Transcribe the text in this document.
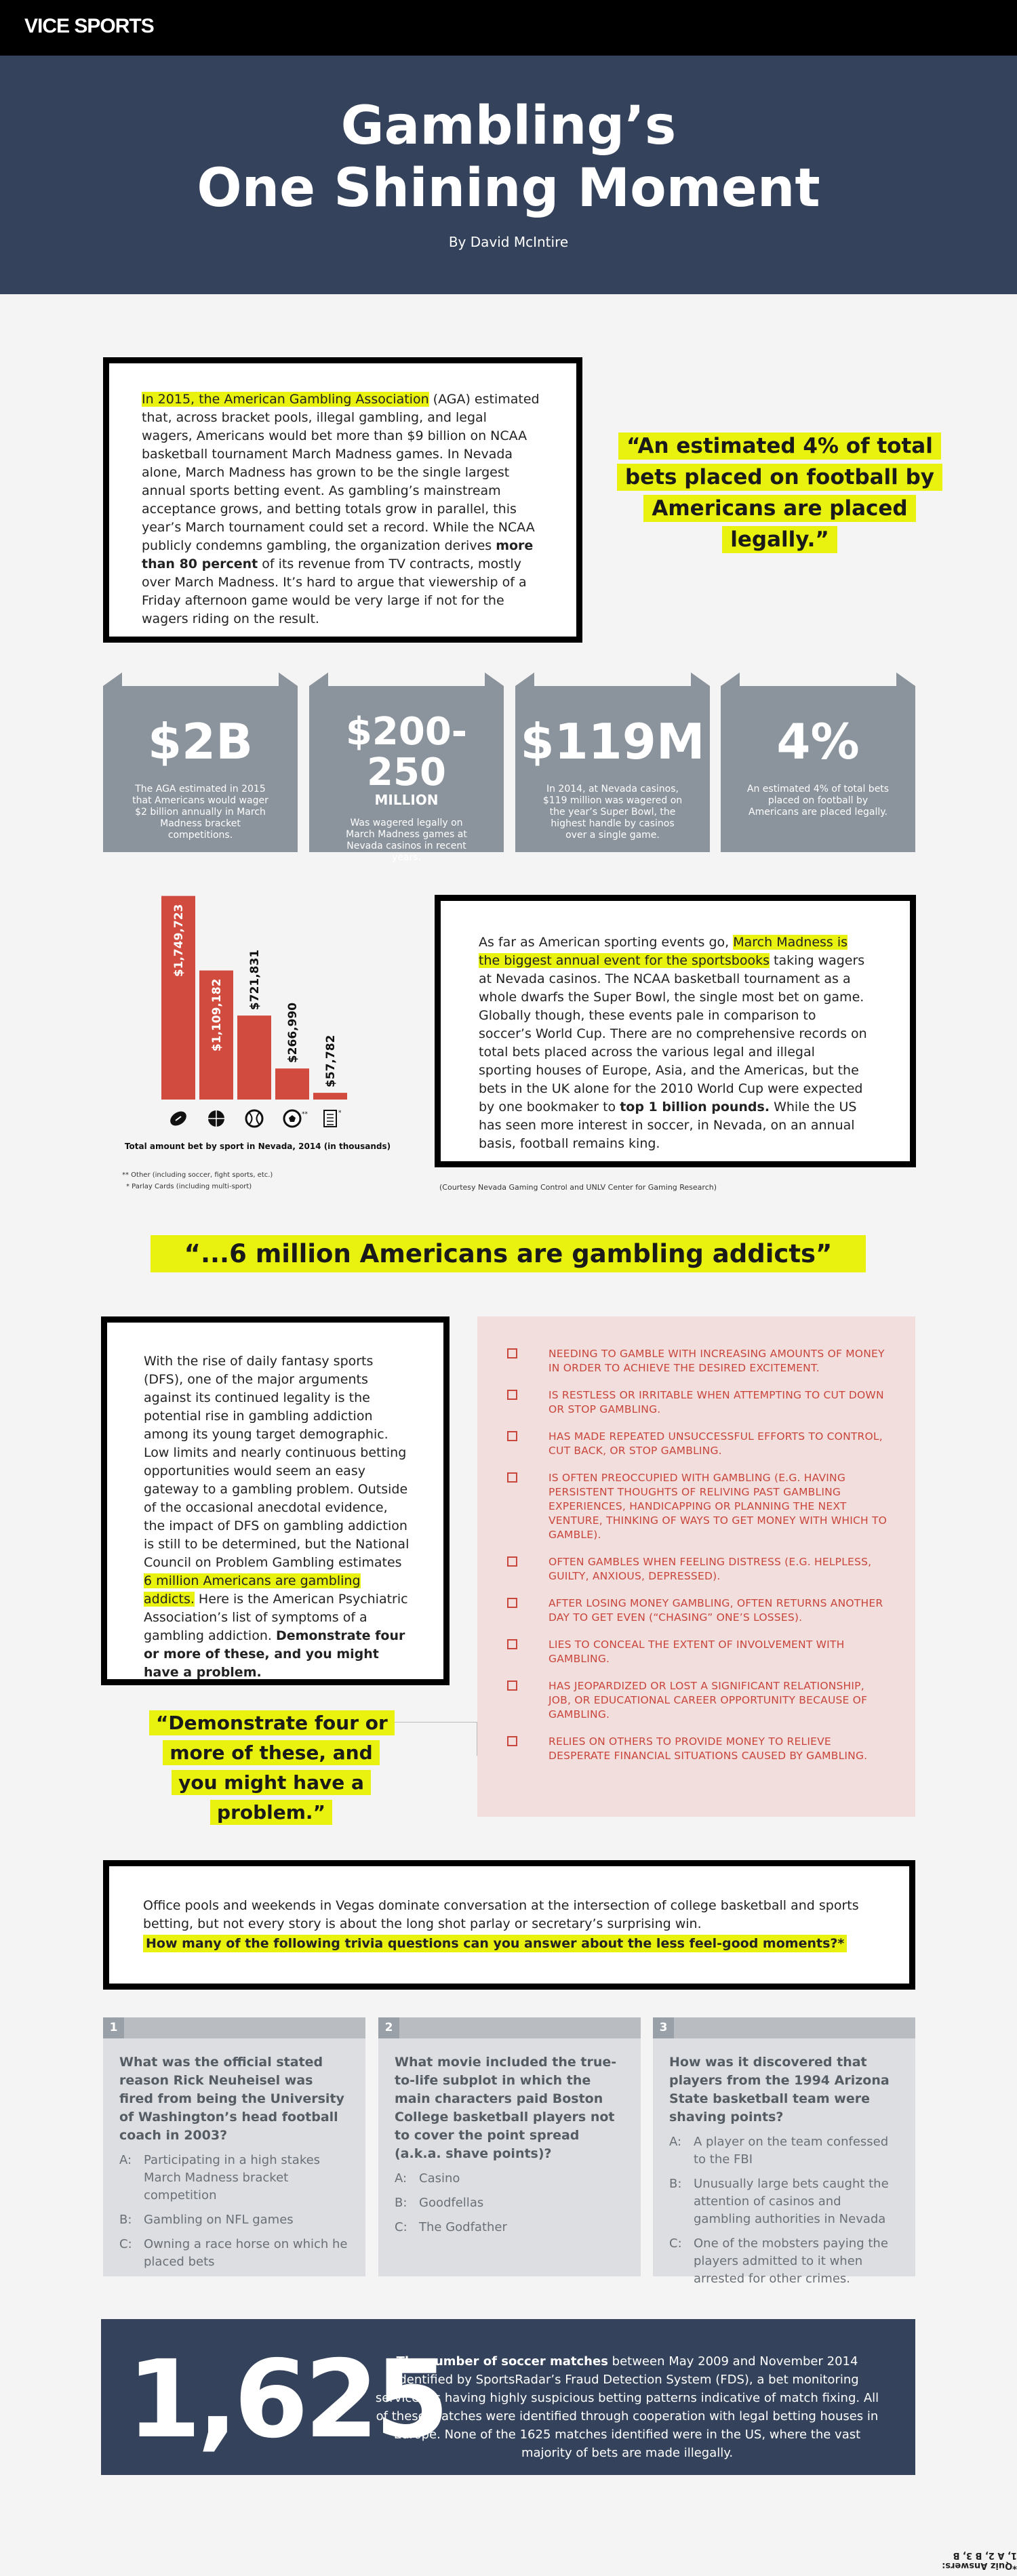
VICE SPORTS
Gambling’s
One Shining Moment
By David McIntire
In 2015, the American Gambling Association (AGA) estimated that, across bracket pools, illegal gambling, and legal wagers, Americans would bet more than $9 billion on NCAA basketball tournament March Madness games. In Nevada alone, March Madness has grown to be the single largest annual sports betting event. As gambling’s mainstream acceptance grows, and betting totals grow in parallel, this year’s March tournament could set a record. While the NCAA publicly condemns gambling, the organization derives more than 80 percent of its revenue from TV contracts, mostly over March Madness. It’s hard to argue that viewership of a Friday afternoon game would be very large if not for the wagers riding on the result.
“An estimated 4% of total bets placed on football by Americans are placed legally.”
$2B
The AGA estimated in 2015 that Americans would wager $2 billion annually in March Madness bracket competitions.
$200-250
MILLION
Was wagered legally on March Madness games at Nevada casinos in recent years.
$119M
In 2014, at Nevada casinos, $119 million was wagered on the year’s Super Bowl, the highest handle by casinos over a single game.
4%
An estimated 4% of total bets placed on football by Americans are placed legally.
$1,749,723
$1,109,182 $721,831
$266,990
**
$57,782
*
Total amount bet by sport in Nevada, 2014 (in thousands)
** Other (including soccer, fight sports, etc.)
* Parlay Cards (including multi-sport)
As far as American sporting events go, March Madness is the biggest annual event for the sportsbooks taking wagers at Nevada casinos. The NCAA basketball tournament as a whole dwarfs the Super Bowl, the single most bet on game. Globally though, these events pale in comparison to soccer’s World Cup. There are no comprehensive records on total bets placed across the various legal and illegal sporting houses of Europe, Asia, and the Americas, but the bets in the UK alone for the 2010 World Cup were expected by one bookmaker to top 1 billion pounds. While the US has seen more interest in soccer, in Nevada, on an annual basis, football remains king.
(Courtesy Nevada Gaming Control and UNLV Center for Gaming Research)
“...6 million Americans are gambling addicts”
With the rise of daily fantasy sports (DFS), one of the major arguments against its continued legality is the potential rise in gambling addiction among its young target demographic. Low limits and nearly continuous betting opportunities would seem an easy gateway to a gambling problem. Outside of the occasional anecdotal evidence, the impact of DFS on gambling addiction is still to be determined, but the National Council on Problem Gambling estimates 6 million Americans are gambling addicts. Here is the American Psychiatric Association’s list of symptoms of a gambling addiction. Demonstrate four or more of these, and you might have a problem.
“Demonstrate four or more of these, and you might have a problem.”
NEEDING TO GAMBLE WITH INCREASING AMOUNTS OF MONEY IN ORDER TO ACHIEVE THE DESIRED EXCITEMENT.
IS RESTLESS OR IRRITABLE WHEN ATTEMPTING TO CUT DOWN OR STOP GAMBLING.
HAS MADE REPEATED UNSUCCESSFUL EFFORTS TO CONTROL, CUT BACK, OR STOP GAMBLING.
IS OFTEN PREOCCUPIED WITH GAMBLING (E.G. HAVING PERSISTENT THOUGHTS OF RELIVING PAST GAMBLING EXPERIENCES, HANDICAPPING OR PLANNING THE NEXT VENTURE, THINKING OF WAYS TO GET MONEY WITH WHICH TO GAMBLE).
OFTEN GAMBLES WHEN FEELING DISTRESS (E.G. HELPLESS, GUILTY, ANXIOUS, DEPRESSED).
AFTER LOSING MONEY GAMBLING, OFTEN RETURNS ANOTHER DAY TO GET EVEN (“CHASING” ONE’S LOSSES).
LIES TO CONCEAL THE EXTENT OF INVOLVEMENT WITH GAMBLING.
HAS JEOPARDIZED OR LOST A SIGNIFICANT RELATIONSHIP, JOB, OR EDUCATIONAL CAREER OPPORTUNITY BECAUSE OF GAMBLING.
RELIES ON OTHERS TO PROVIDE MONEY TO RELIEVE DESPERATE FINANCIAL SITUATIONS CAUSED BY GAMBLING.
Office pools and weekends in Vegas dominate conversation at the intersection of college basketball and sports betting, but not every story is about the long shot parlay or secretary’s surprising win.
How many of the following trivia questions can you answer about the less feel-good moments?*
1
What was the official stated reason Rick Neuheisel was fired from being the University of Washington’s head football coach in 2003?
A: Participating in a high stakes March Madness bracket competition
B: Gambling on NFL games
C: Owning a race horse on which he placed bets
2
What movie included the true-to-life subplot in which the main characters paid Boston College basketball players not to cover the point spread (a.k.a. shave points)?
A: Casino
B: Goodfellas
C: The Godfather
3
How was it discovered that players from the 1994 Arizona State basketball team were shaving points?
A: A player on the team confessed to the FBI
B: Unusually large bets caught the attention of casinos and gambling authorities in Nevada
C: One of the mobsters paying the players admitted to it when arrested for other crimes.
1,625
The number of soccer matches between May 2009 and November 2014 identified by SportsRadar’s Fraud Detection System (FDS), a bet monitoring service, as having highly suspicious betting patterns indicative of match fixing. All of these matches were identified through cooperation with legal betting houses in Europe. None of the 1625 matches identified were in the US, where the vast majority of bets are made illegally.
*Quiz Answers: 1, A 2, B 3, B
